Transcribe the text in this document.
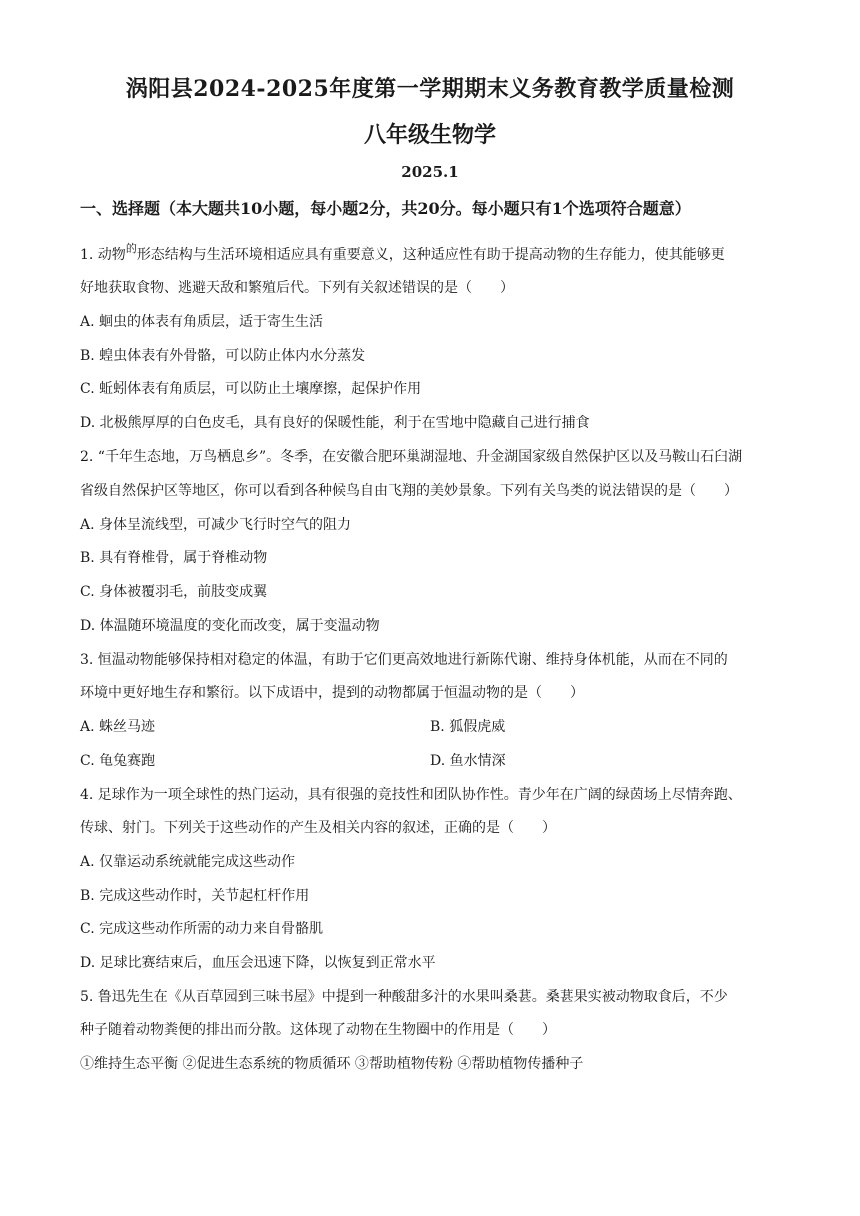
涡阳县2024-2025年度第一学期期末义务教育教学质量检测
八年级生物学
2025.1
一、选择题（本大题共10小题，每小题2分，共20分。每小题只有1个选项符合题意）
1. 动物$^的$形态结构与生活环境相适应具有重要意义，这种适应性有助于提高动物的生存能力，使其能够更
好地获取食物、逃避天敌和繁殖后代。下列有关叙述错误的是（　　）
A. 蛔虫的体表有角质层，适于寄生生活
B. 蝗虫体表有外骨骼，可以防止体内水分蒸发
C. 蚯蚓体表有角质层，可以防止土壤摩擦，起保护作用
D. 北极熊厚厚的白色皮毛，具有良好的保暖性能，利于在雪地中隐藏自己进行捕食
2. “千年生态地，万鸟栖息乡”。冬季，在安徽合肥环巢湖湿地、升金湖国家级自然保护区以及马鞍山石臼湖
省级自然保护区等地区，你可以看到各种候鸟自由飞翔的美妙景象。下列有关鸟类的说法错误的是（　　）
A. 身体呈流线型，可减少飞行时空气的阻力
B. 具有脊椎骨，属于脊椎动物
C. 身体被覆羽毛，前肢变成翼
D. 体温随环境温度的变化而改变，属于变温动物
3. 恒温动物能够保持相对稳定的体温，有助于它们更高效地进行新陈代谢、维持身体机能，从而在不同的
环境中更好地生存和繁衍。以下成语中，提到的动物都属于恒温动物的是（　　）
A. 蛛丝马迹	B. 狐假虎威
C. 龟兔赛跑	D. 鱼水情深
4. 足球作为一项全球性的热门运动，具有很强的竞技性和团队协作性。青少年在广阔的绿茵场上尽情奔跑、
传球、射门。下列关于这些动作的产生及相关内容的叙述，正确的是（　　）
A. 仅靠运动系统就能完成这些动作
B. 完成这些动作时，关节起杠杆作用
C. 完成这些动作所需的动力来自骨骼肌
D. 足球比赛结束后，血压会迅速下降，以恢复到正常水平
5. 鲁迅先生在《从百草园到三味书屋》中提到一种酸甜多汁的水果叫桑葚。桑葚果实被动物取食后，不少
种子随着动物粪便的排出而分散。这体现了动物在生物圈中的作用是（　　）
①维持生态平衡 ②促进生态系统的物质循环 ③帮助植物传粉 ④帮助植物传播种子
